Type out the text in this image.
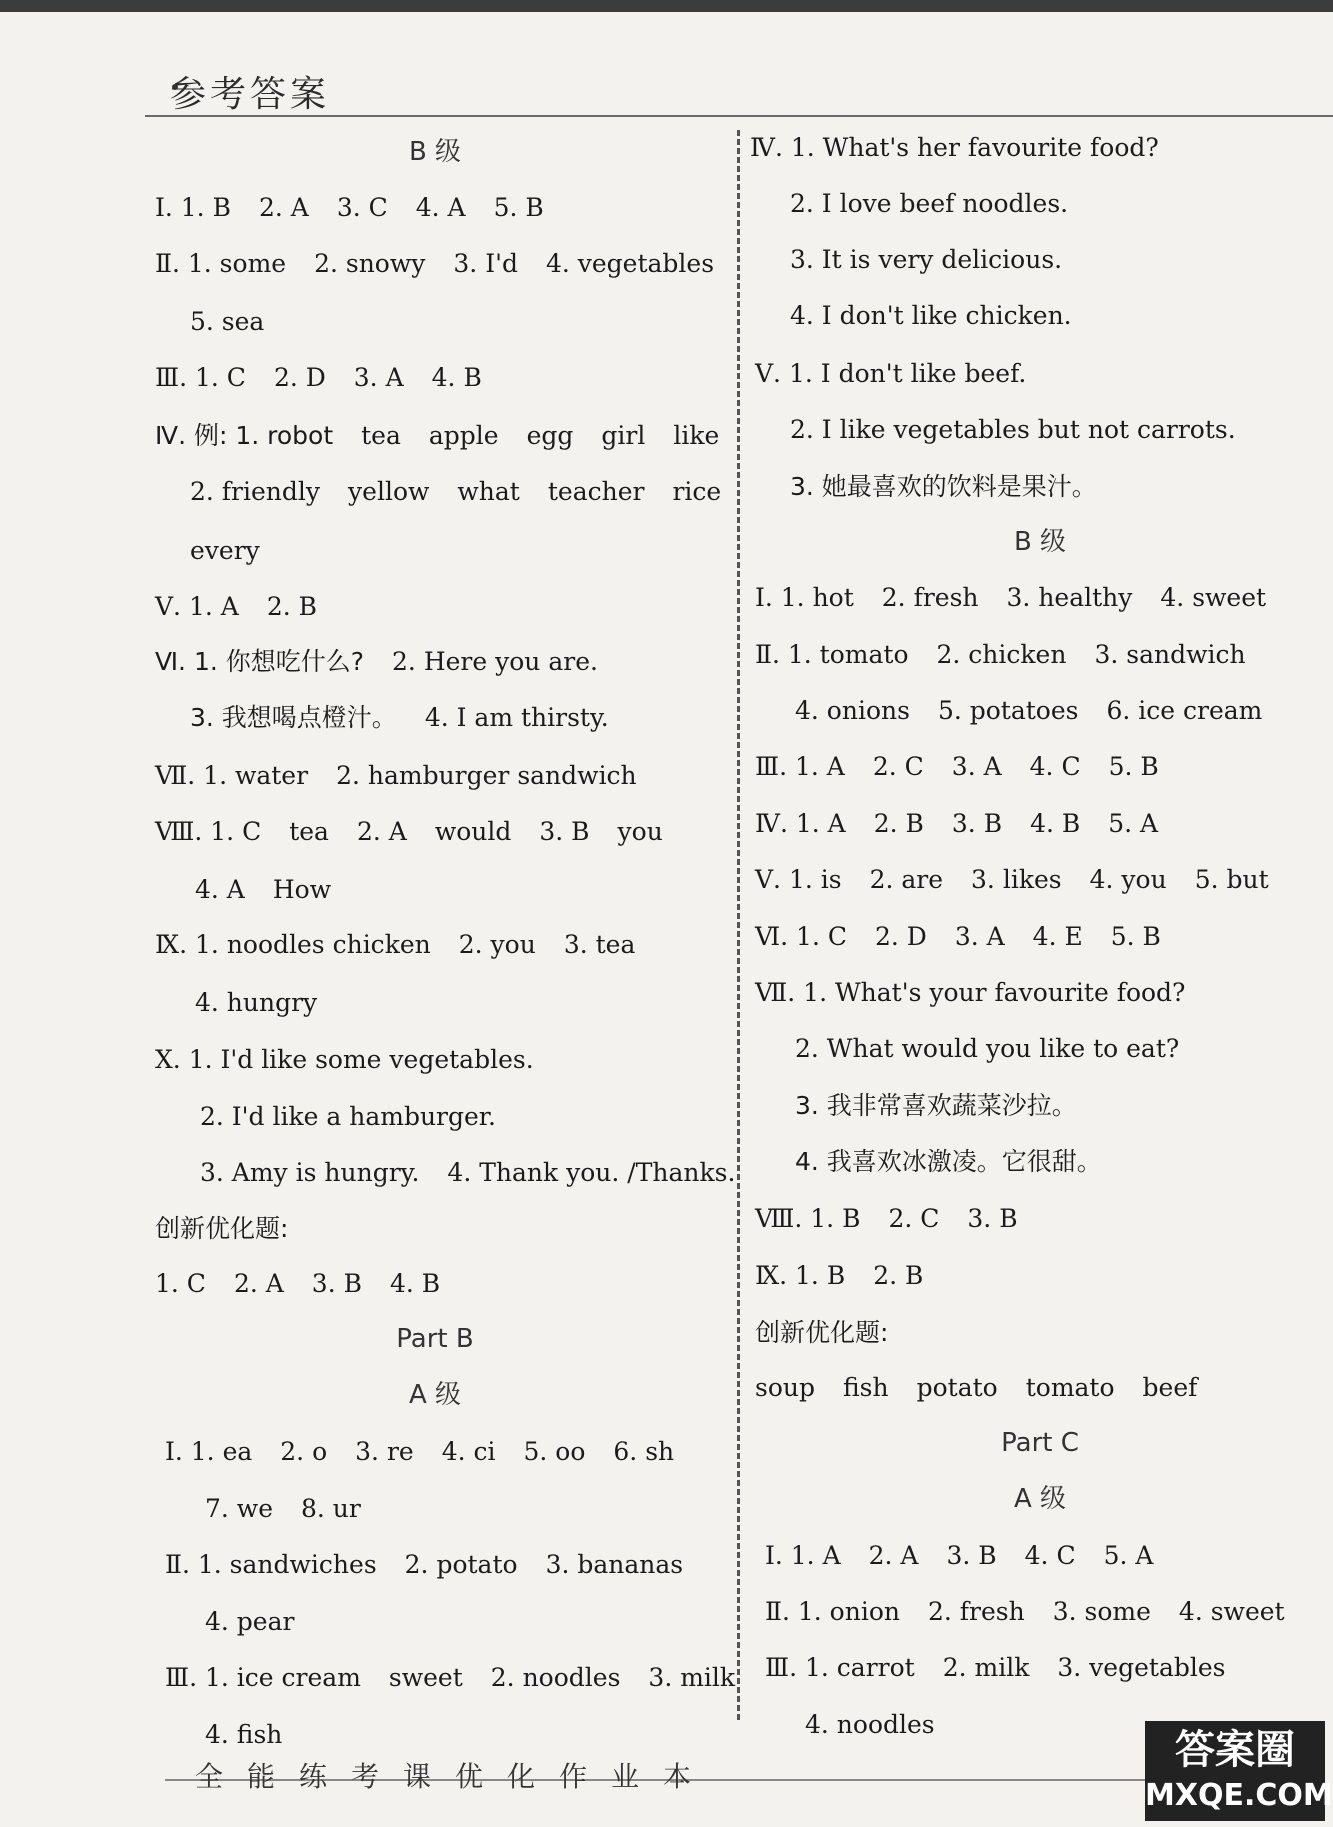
参考答案
B 级
Ⅰ. 1. B 2. A 3. C 4. A 5. B
Ⅱ. 1. some 2. snowy 3. I'd 4. vegetables
5. sea
Ⅲ. 1. C 2. D 3. A 4. B
Ⅳ. 例: 1. robot tea apple egg girl like
2. friendly yellow what teacher rice
every
Ⅴ. 1. A 2. B
Ⅵ. 1. 你想吃什么? 2. Here you are.
3. 我想喝点橙汁。 4. I am thirsty.
Ⅶ. 1. water 2. hamburger sandwich
Ⅷ. 1. C tea 2. A would 3. B you
4. A How
Ⅸ. 1. noodles chicken 2. you 3. tea
4. hungry
Ⅹ. 1. I'd like some vegetables.
2. I'd like a hamburger.
3. Amy is hungry. 4. Thank you. /Thanks.
创新优化题:
1. C 2. A 3. B 4. B
Part B
A 级
Ⅰ. 1. ea 2. o 3. re 4. ci 5. oo 6. sh
7. we 8. ur
Ⅱ. 1. sandwiches 2. potato 3. bananas
4. pear
Ⅲ. 1. ice cream sweet 2. noodles 3. milk
4. fish
Ⅳ. 1. What's her favourite food?
2. I love beef noodles.
3. It is very delicious.
4. I don't like chicken.
Ⅴ. 1. I don't like beef.
2. I like vegetables but not carrots.
3. 她最喜欢的饮料是果汁。
B 级
Ⅰ. 1. hot 2. fresh 3. healthy 4. sweet
Ⅱ. 1. tomato 2. chicken 3. sandwich
4. onions 5. potatoes 6. ice cream
Ⅲ. 1. A 2. C 3. A 4. C 5. B
Ⅳ. 1. A 2. B 3. B 4. B 5. A
Ⅴ. 1. is 2. are 3. likes 4. you 5. but
Ⅵ. 1. C 2. D 3. A 4. E 5. B
Ⅶ. 1. What's your favourite food?
2. What would you like to eat?
3. 我非常喜欢蔬菜沙拉。
4. 我喜欢冰激凌。它很甜。
Ⅷ. 1. B 2. C 3. B
Ⅸ. 1. B 2. B
创新优化题:
soup fish potato tomato beef
Part C
A 级
Ⅰ. 1. A 2. A 3. B 4. C 5. A
Ⅱ. 1. onion 2. fresh 3. some 4. sweet
Ⅲ. 1. carrot 2. milk 3. vegetables
4. noodles
全能练考课优化作业本
答案圈
MXQE.COM
